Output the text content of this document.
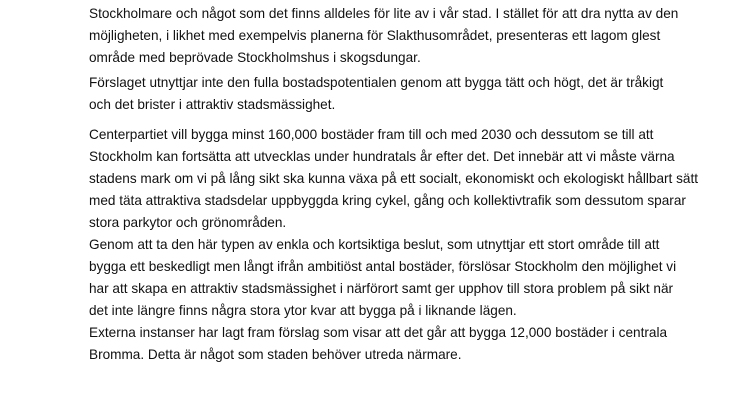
Stockholmare och något som det finns alldeles för lite av i vår stad. I stället för att dra nytta av den
möjligheten, i likhet med exempelvis planerna för Slakthusområdet, presenteras ett lagom glest
område med beprövade Stockholmshus i skogsdungar.

Förslaget utnyttjar inte den fulla bostadspotentialen genom att bygga tätt och högt, det är tråkigt
och det brister i attraktiv stadsmässighet.

Centerpartiet vill bygga minst 160,000 bostäder fram till och med 2030 och dessutom se till att
Stockholm kan fortsätta att utvecklas under hundratals år efter det. Det innebär att vi måste värna
stadens mark om vi på lång sikt ska kunna växa på ett socialt, ekonomiskt och ekologiskt hållbart sätt
med täta attraktiva stadsdelar uppbyggda kring cykel, gång och kollektivtrafik som dessutom sparar
stora parkytor och grönområden.

Genom att ta den här typen av enkla och kortsiktiga beslut, som utnyttjar ett stort område till att
bygga ett beskedligt men långt ifrån ambitiöst antal bostäder, förslösar Stockholm den möjlighet vi
har att skapa en attraktiv stadsmässighet i närförort samt ger upphov till stora problem på sikt när
det inte längre finns några stora ytor kvar att bygga på i liknande lägen.

Externa instanser har lagt fram förslag som visar att det går att bygga 12,000 bostäder i centrala
Bromma. Detta är något som staden behöver utreda närmare.
